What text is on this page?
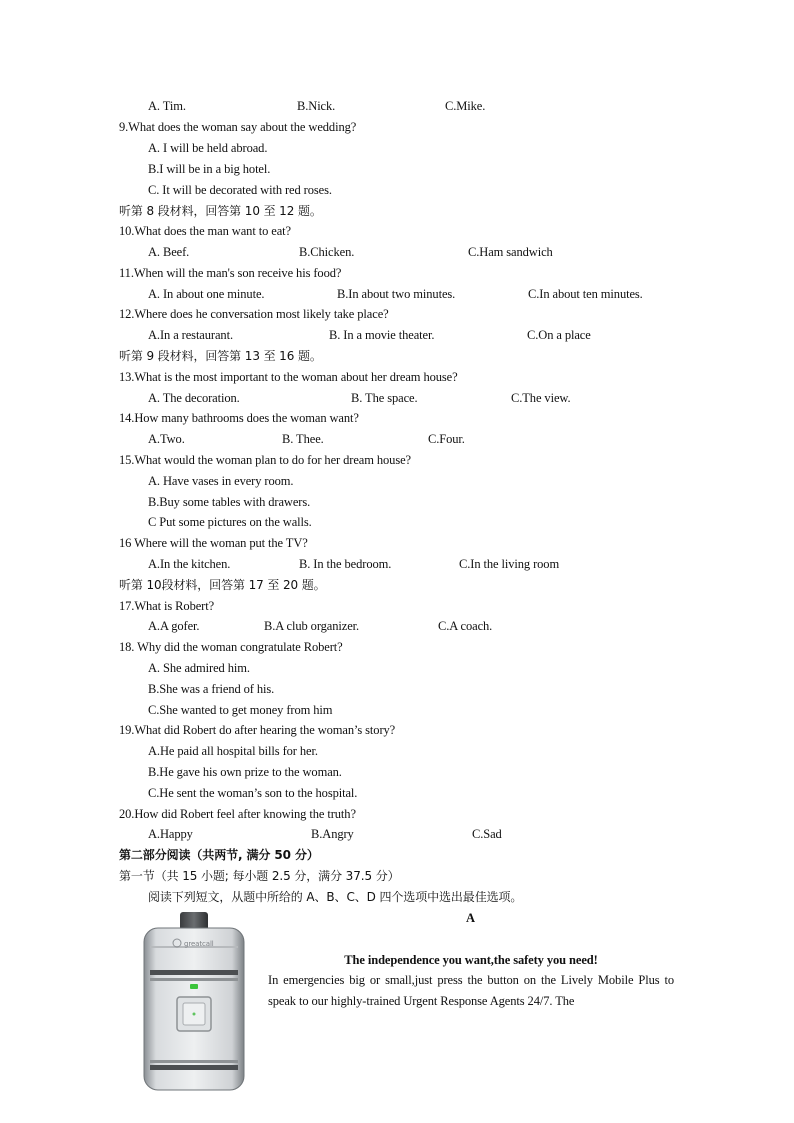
A. Tim.	B.Nick.	C.Mike.
9.What does the woman say about the wedding?
A. I will be held abroad.
B.I will be in a big hotel.
C. It will be decorated with red roses.
听第 8 段材料，回答第 10 至 12 题。
10.What does the man want to eat?
A. Beef.	B.Chicken.	C.Ham sandwich
11.When will the man's son receive his food?
A. In about one minute.	B.In about two minutes.	C.In about ten minutes.
12.Where does he conversation most likely take place?
A.In a restaurant.	B. In a movie theater.	C.On a place
听第 9 段材料，回答第 13 至 16 题。
13.What is the most important to the woman about her dream house?
A. The decoration.	B. The space.	C.The view.
14.How many bathrooms does the woman want?
A.Two.	B. Thee.	C.Four.
15.What would the woman plan to do for her dream house?
A. Have vases in every room.
B.Buy some tables with drawers.
C Put some pictures on the walls.
16 Where will the woman put the TV?
A.In the kitchen.	B. In the bedroom.	C.In the living room
听第 10段材料，回答第 17 至 20 题。
17.What is Robert?
A.A gofer.	B.A club organizer.	C.A coach.
18. Why did the woman congratulate Robert?
A. She admired him.
B.She was a friend of his.
C.She wanted to get money from him
19.What did Robert do after hearing the woman’s story?
A.He paid all hospital bills for her.
B.He gave his own prize to the woman.
C.He sent the woman’s son to the hospital.
20.How did Robert feel after knowing the truth?
A.Happy	B.Angry	C.Sad
第二部分阅读（共两节, 满分 50 分）
第一节（共 15 小题; 每小题 2.5 分，满分 37.5 分）
阅读下列短文，从题中所给的 A、B、C、D 四个选项中选出最佳选项。
A
greatcall
The independence you want,the safety you need!
In emergencies big or small,just press the button on the Lively Mobile Plus to speak to our highly-trained Urgent Response Agents 24/7. The
